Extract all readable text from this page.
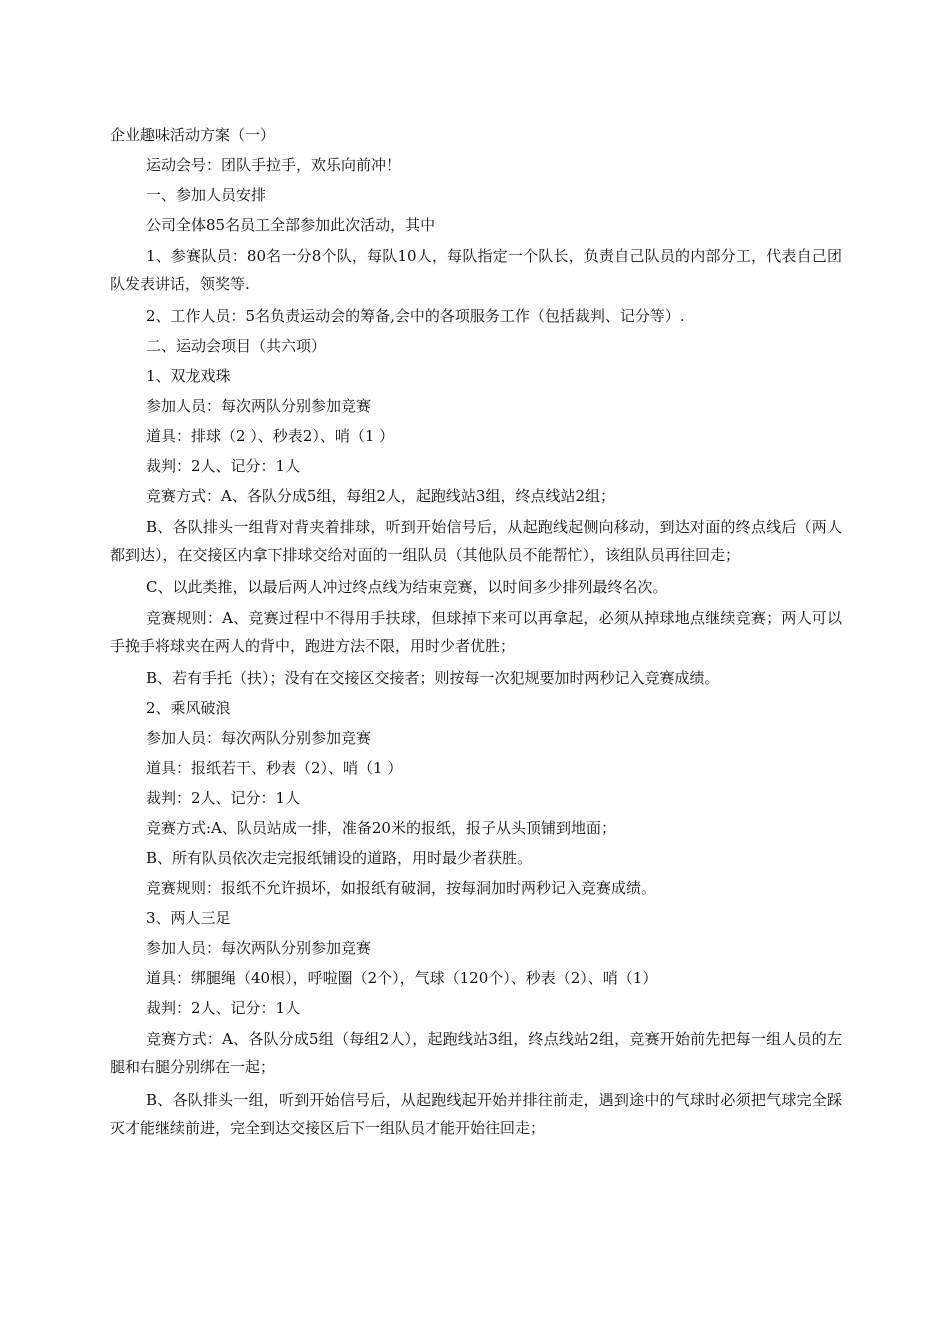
企业趣味活动方案（一）

运动会号：团队手拉手，欢乐向前冲！

一、参加人员安排

公司全体85名员工全部参加此次活动，其中

1、参赛队员：80名一分8个队，每队10人，每队指定一个队长，负责自己队员的内部分工，代表自己团队发表讲话，领奖等.

2、工作人员：5名负责运动会的筹备,会中的各项服务工作（包括裁判、记分等）.

二、运动会项目（共六项）

1、双龙戏珠

参加人员：每次两队分别参加竞赛

道具：排球（2 ）、秒表2）、哨（1 ）

裁判：2人、记分：1人

竞赛方式：A、各队分成5组，每组2人，起跑线站3组，终点线站2组；

B、各队排头一组背对背夹着排球，听到开始信号后，从起跑线起侧向移动，到达对面的终点线后（两人都到达），在交接区内拿下排球交给对面的一组队员（其他队员不能帮忙），该组队员再往回走；

C、以此类推，以最后两人冲过终点线为结束竞赛，以时间多少排列最终名次。

竞赛规则：A、竞赛过程中不得用手扶球，但球掉下来可以再拿起，必须从掉球地点继续竞赛；两人可以手挽手将球夹在两人的背中，跑进方法不限，用时少者优胜；

B、若有手托（扶）；没有在交接区交接者；则按每一次犯规要加时两秒记入竞赛成绩。

2、乘风破浪

参加人员：每次两队分别参加竞赛

道具：报纸若干、秒表（2）、哨（1 ）

裁判：2人、记分：1人

竞赛方式:A、队员站成一排，准备20米的报纸，报子从头顶铺到地面；

B、所有队员依次走完报纸铺设的道路，用时最少者获胜。

竞赛规则：报纸不允许损坏，如报纸有破洞，按每洞加时两秒记入竞赛成绩。

3、两人三足

参加人员：每次两队分别参加竞赛

道具：绑腿绳（40根），呼啦圈（2个），气球（120个）、秒表（2）、哨（1）

裁判：2人、记分：1人

竞赛方式：A、各队分成5组（每组2人），起跑线站3组，终点线站2组，竞赛开始前先把每一组人员的左腿和右腿分别绑在一起；

B、各队排头一组，听到开始信号后，从起跑线起开始并排往前走，遇到途中的气球时必须把气球完全踩灭才能继续前进，完全到达交接区后下一组队员才能开始往回走；
